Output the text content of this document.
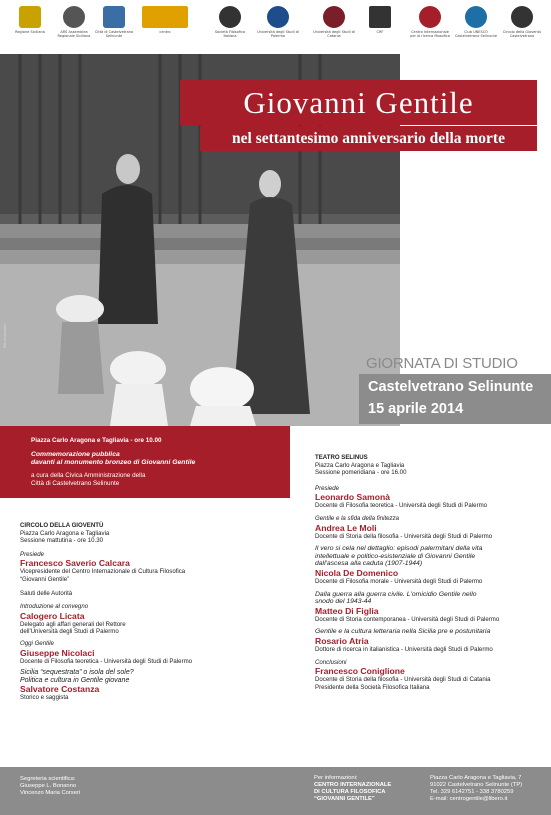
Regione Siciliana	ARS Assemblea Regionale Siciliana
Città di Castelvetrano Selinunte
centro	Società Filosofica Italiana
Università degli Studi di Palermo
Università degli Studi di Catania
CRF	Centro Internazionale per la ricerca filosofica
Club UNESCO Castelvetrano Selinunte
Circolo della Gioventù Castelvetrano
Foto di repertorio
Giovanni Gentile
nel settantesimo anniversario della morte
GIORNATA DI STUDIO
Castelvetrano Selinunte
15 aprile 2014
Piazza Carlo Aragona e Tagliavia - ore 10.00
Commemorazione pubblica
davanti al monumento bronzeo di Giovanni Gentile
a cura della Civica Amministrazione della
Città di Castelvetrano Selinunte
CIRCOLO DELLA GIOVENTÙ
Piazza Carlo Aragona e Tagliavia
Sessione mattutina - ore 10.30
Presiede
Francesco Saverio Calcara
Vicepresidente del Centro Internazionale di Cultura Filosofica
“Giovanni Gentile”
Saluti delle Autorità
Introduzione al convegno
Calogero Licata
Delegato agli affari generali del Rettore
dell'Università degli Studi di Palermo
Oggi Gentile
Giuseppe Nicolaci
Docente di Filosofia teoretica - Università degli Studi di Palermo
Sicilia “sequestrata” o isola del sole?
Politica e cultura in Gentile giovane
Salvatore Costanza
Storico e saggista
TEATRO SELINUS
Piazza Carlo Aragona e Tagliavia
Sessione pomeridiana - ore 16.00
Presiede
Leonardo Samonà
Docente di Filosofia teoretica - Università degli Studi di Palermo
Gentile e la sfida della finitezza
Andrea Le Moli
Docente di Storia della filosofia - Università degli Studi di Palermo
Il vero si cela nel dettaglio: episodi palermitani della vita
intellettuale e politico-esistenziale di Giovanni Gentile
dall'ascesa alla caduta (1907-1944)
Nicola De Domenico
Docente di Filosofia morale - Università degli Studi di Palermo
Dalla guerra alla guerra civile. L'omicidio Gentile nello
snodo del 1943-44
Matteo Di Figlia
Docente di Storia contemporanea - Università degli Studi di Palermo
Gentile e la cultura letteraria nella Sicilia pre e postunitaria
Rosario Atria
Dottore di ricerca in italianistica - Università degli Studi di Palermo
Conclusioni
Francesco Coniglione
Docente di Storia della filosofia - Università degli Studi di Catania
Presidente della Società Filosofica Italiana
Segreteria scientifica:
Giuseppe L. Bonanno
Vincenzo Maria Corseri
Per informazioni:
CENTRO INTERNAZIONALE
DI CULTURA FILOSOFICA
“GIOVANNI GENTILE”
Piazza Carlo Aragona e Tagliavia, 7
91022 Castelvetrano Selinunte (TP)
Tel. 329 6142751 - 338 3780259
E-mail: centrogentile@libero.it
